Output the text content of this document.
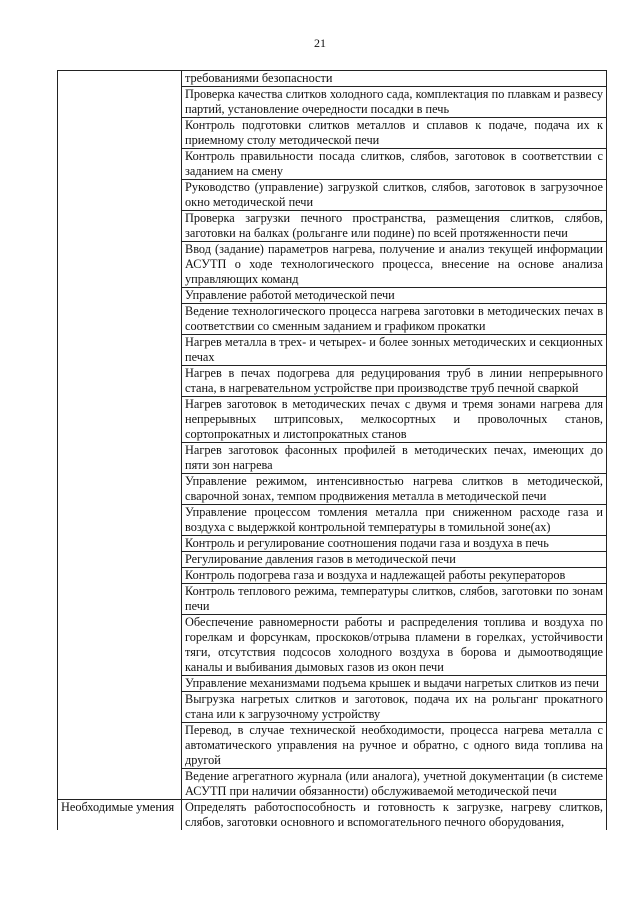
21
	требованиями безопасности
	Проверка качества слитков холодного сада, комплектация по плавкам и развесу партий, установление очередности посадки в печь
	Контроль подготовки слитков металлов и сплавов к подаче, подача их к приемному столу методической печи
	Контроль правильности посада слитков, слябов, заготовок в соответствии с заданием на смену
	Руководство (управление) загрузкой слитков, слябов, заготовок в загрузочное окно методической печи
	Проверка загрузки печного пространства, размещения слитков, слябов, заготовки на балках (рольганге или подине) по всей протяженности печи
	Ввод (задание) параметров нагрева, получение и анализ текущей информации АСУТП о ходе технологического процесса, внесение на основе анализа управляющих команд
	Управление работой методической печи
	Ведение технологического процесса нагрева заготовки в методических печах в соответствии со сменным заданием и графиком прокатки
	Нагрев металла в трех- и четырех- и более зонных методических и секционных печах
	Нагрев в печах подогрева для редуцирования труб в линии непрерывного стана, в нагревательном устройстве при производстве труб печной сваркой
	Нагрев заготовок в методических печах с двумя и тремя зонами нагрева для непрерывных штрипсовых, мелкосортных и проволочных станов, сортопрокатных и листопрокатных станов
	Нагрев заготовок фасонных профилей в методических печах, имеющих до пяти зон нагрева
	Управление режимом, интенсивностью нагрева слитков в методической, сварочной зонах, темпом продвижения металла в методической печи
	Управление процессом томления металла при сниженном расходе газа и воздуха с выдержкой контрольной температуры в томильной зоне(ах)
	Контроль и регулирование соотношения подачи газа и воздуха в печь
	Регулирование давления газов в методической печи
	Контроль подогрева газа и воздуха и надлежащей работы рекуператоров
	Контроль теплового режима, температуры слитков, слябов, заготовки по зонам печи
	Обеспечение равномерности работы и распределения топлива и воздуха по горелкам и форсункам, проскоков/отрыва пламени в горелках, устойчивости тяги, отсутствия подсосов холодного воздуха в борова и дымоотводящие каналы и выбивания дымовых газов из окон печи
	Управление механизмами подъема крышек и выдачи нагретых слитков из печи
	Выгрузка нагретых слитков и заготовок, подача их на рольганг прокатного стана или к загрузочному устройству
	Перевод, в случае технической необходимости, процесса нагрева металла с автоматического управления на ручное и обратно, с одного вида топлива на другой
	Ведение агрегатного журнала (или аналога), учетной документации (в системе АСУТП при наличии обязанности) обслуживаемой методической печи
Необходимые умения	Определять работоспособность и готовность к загрузке, нагреву слитков, слябов, заготовки основного и вспомогательного печного оборудования,
